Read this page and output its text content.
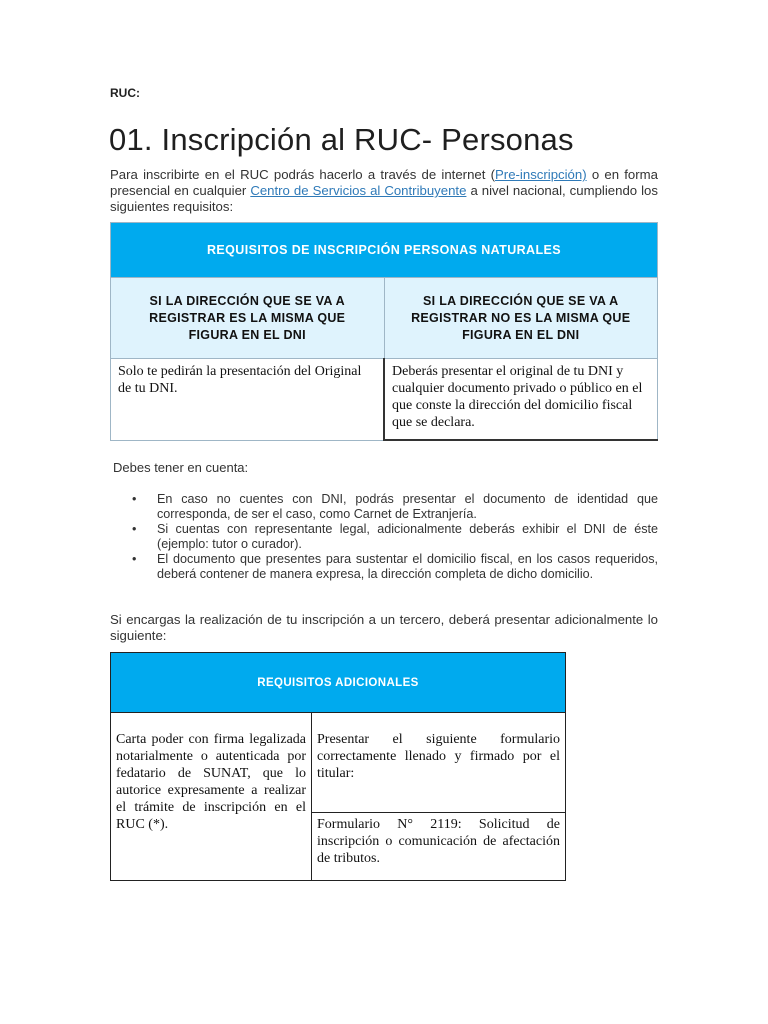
RUC:
01. Inscripción al RUC- Personas
Para inscribirte en el RUC podrás hacerlo a través de internet (Pre-inscripción) o en forma presencial en cualquier Centro de Servicios al Contribuyente a nivel nacional, cumpliendo los siguientes requisitos:
REQUISITOS DE INSCRIPCIÓN PERSONAS NATURALES	
SI LA DIRECCIÓN QUE SE VA A REGISTRAR ES LA MISMA QUE FIGURA EN EL DNI	SI LA DIRECCIÓN QUE SE VA A REGISTRAR NO ES LA MISMA QUE FIGURA EN EL DNI
Solo te pedirán la presentación del Original de tu DNI.	Deberás presentar el original de tu DNI y cualquier documento privado o público en el que conste la dirección del domicilio fiscal que se declara.
Debes tener en cuenta:
• En caso no cuentes con DNI, podrás presentar el documento de identidad que corresponda, de ser el caso, como Carnet de Extranjería.
• Si cuentas con representante legal, adicionalmente deberás exhibir el DNI de éste (ejemplo: tutor o curador).
• El documento que presentes para sustentar el domicilio fiscal, en los casos requeridos, deberá contener de manera expresa, la dirección completa de dicho domicilio.
Si encargas la realización de tu inscripción a un tercero, deberá presentar adicionalmente lo siguiente:
REQUISITOS ADICIONALES
Carta poder con firma legalizada notarialmente o autenticada por fedatario de SUNAT, que lo autorice expresamente a realizar el trámite de inscripción en el RUC (*).	Presentar el siguiente formulario correctamente llenado y firmado por el titular:
Formulario N° 2119: Solicitud de inscripción o comunicación de afectación de tributos.
